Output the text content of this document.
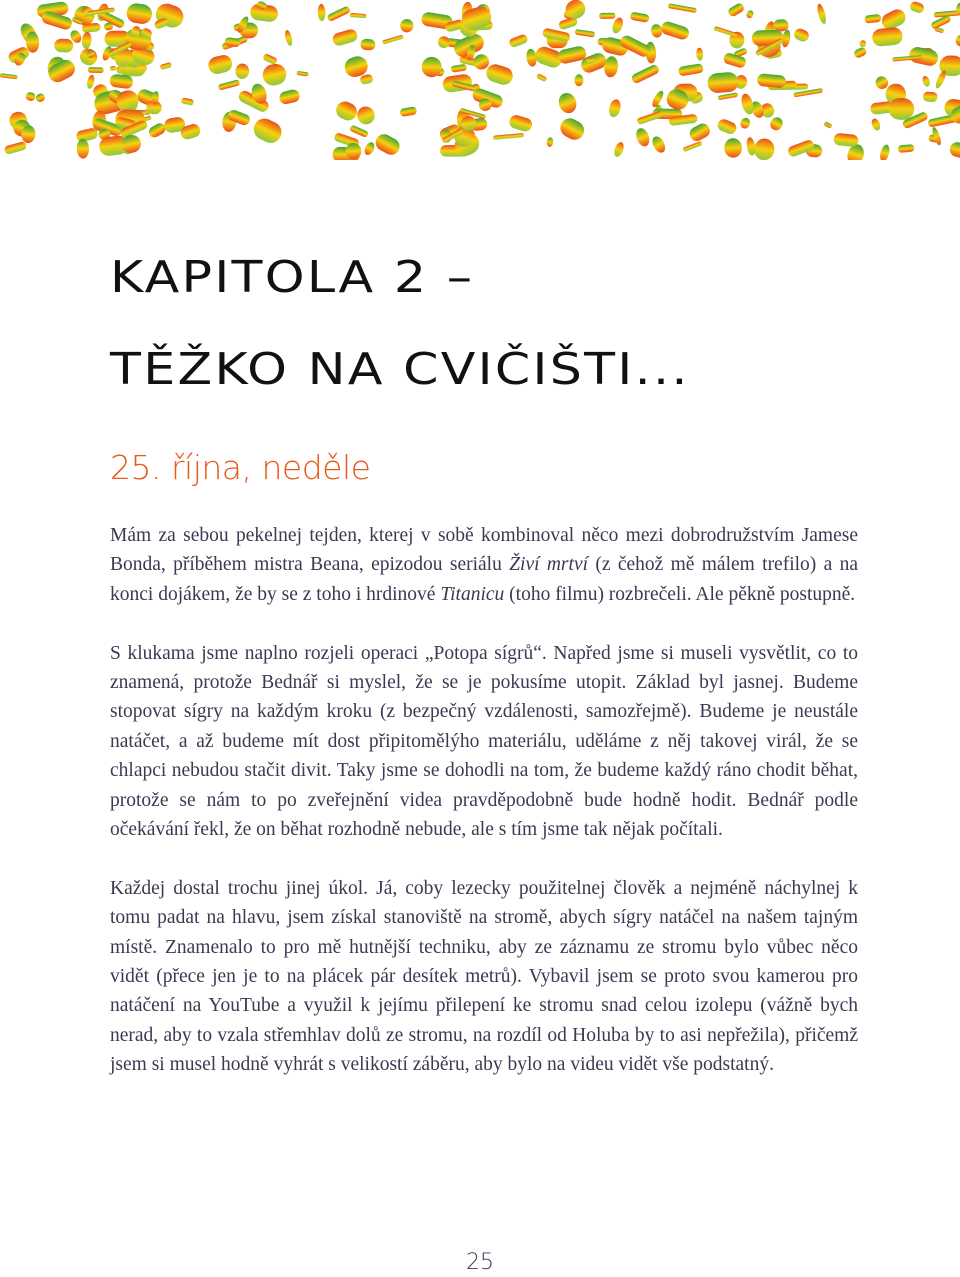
KAPITOLA 2 –
TĚŽKO NA CVIČIŠTI...
25. října, neděle

Mám za sebou pekelnej tejden, kterej v sobě kombinoval něco mezi dobrodružstvím Jamese Bonda, příběhem mistra Beana, epizodou seriálu Živí mrtví (z čehož mě málem trefilo) a na konci dojákem, že by se z toho i hrdinové Titanicu (toho filmu) rozbrečeli. Ale pěkně postupně.

S klukama jsme naplno rozjeli operaci „Potopa sígrů“. Napřed jsme si museli vysvětlit, co to znamená, protože Bednář si myslel, že se je pokusíme utopit. Základ byl jasnej. Budeme stopovat sígry na každým kroku (z bezpečný vzdálenosti, samozřejmě). Budeme je neustále natáčet, a až budeme mít dost připitomělýho materiálu, uděláme z něj takovej virál, že se chlapci nebudou stačit divit. Taky jsme se dohodli na tom, že budeme každý ráno chodit běhat, protože se nám to po zveřejnění videa pravděpodobně bude hodně hodit. Bednář podle očekávání řekl, že on běhat rozhodně nebude, ale s tím jsme tak nějak počítali.

Každej dostal trochu jinej úkol. Já, coby lezecky použitelnej člověk a nejméně náchylnej k tomu padat na hlavu, jsem získal stanoviště na stromě, abych sígry natáčel na našem tajným místě. Znamenalo to pro mě hutnější techniku, aby ze záznamu ze stromu bylo vůbec něco vidět (přece jen je to na plácek pár desítek metrů). Vybavil jsem se proto svou kamerou pro natáčení na YouTube a využil k jejímu přilepení ke stromu snad celou izolepu (vážně bych nerad, aby to vzala střemhlav dolů ze stromu, na rozdíl od Holuba by to asi nepřežila), přičemž jsem si musel hodně vyhrát s velikostí záběru, aby bylo na videu vidět vše podstatný.

25
